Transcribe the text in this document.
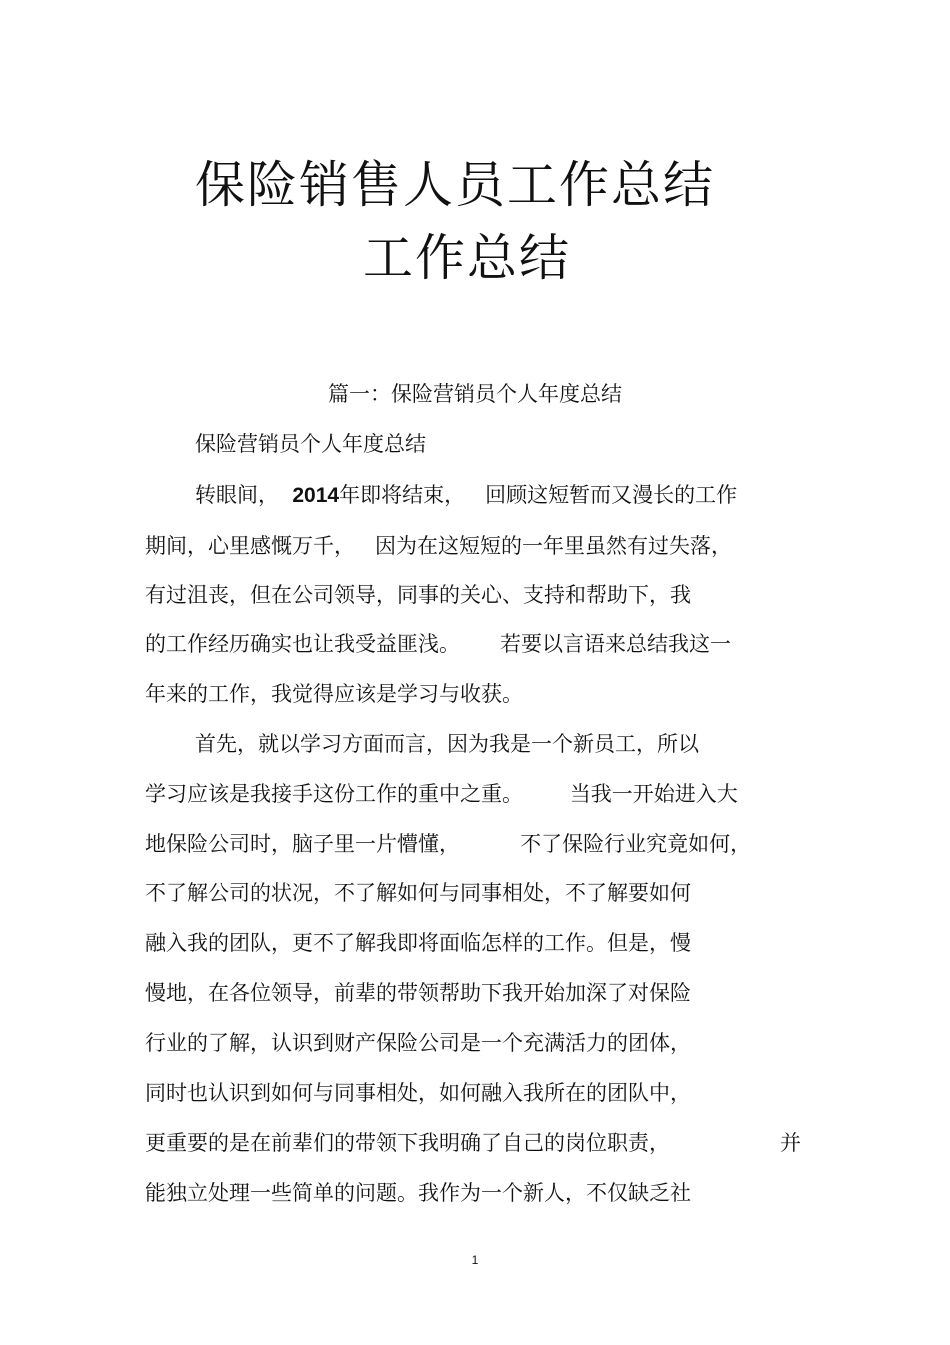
保险销售人员工作总结
工作总结
篇一：保险营销员个人年度总结
保险营销员个人年度总结
转眼间， 2014年即将结束，   回顾这短暂而又漫长的工作
期间，心里感慨万千，   因为在这短短的一年里虽然有过失落，
有过沮丧，但在公司领导，同事的关心、支持和帮助下，我
的工作经历确实也让我受益匪浅。      若要以言语来总结我这一
年来的工作，我觉得应该是学习与收获。
首先，就以学习方面而言，因为我是一个新员工，所以
学习应该是我接手这份工作的重中之重。       当我一开始进入大
地保险公司时，脑子里一片懵懂，         不了保险行业究竟如何，
不了解公司的状况，不了解如何与同事相处，不了解要如何
融入我的团队，更不了解我即将面临怎样的工作。但是，慢
慢地，在各位领导，前辈的带领帮助下我开始加深了对保险
行业的了解，认识到财产保险公司是一个充满活力的团体，
同时也认识到如何与同事相处，如何融入我所在的团队中，
更重要的是在前辈们的带领下我明确了自己的岗位职责，	并
能独立处理一些简单的问题。我作为一个新人，不仅缺乏社
1
